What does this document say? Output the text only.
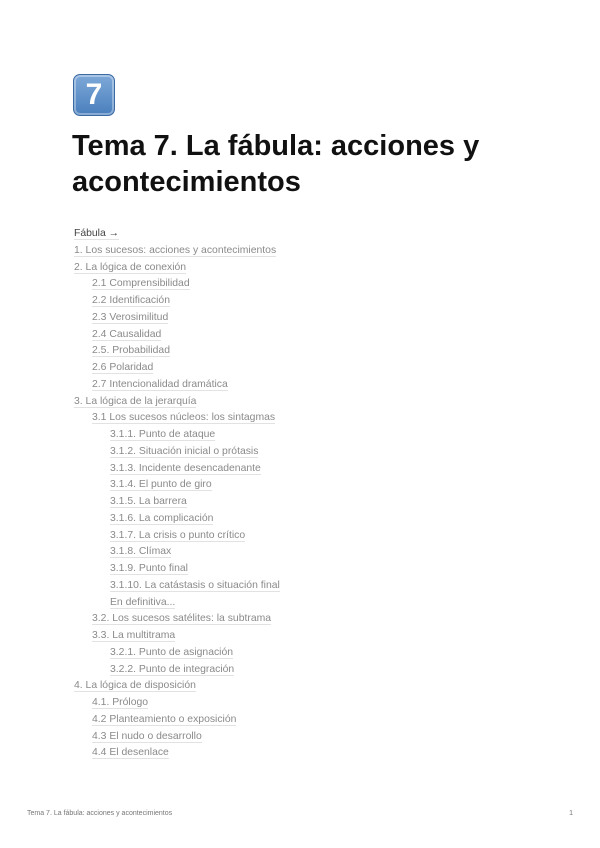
7
Tema 7. La fábula: acciones y acontecimientos
Fábula →
1. Los sucesos: acciones y acontecimientos
2. La lógica de conexión
2.1 Comprensibilidad
2.2 Identificación
2.3 Verosimilitud
2.4 Causalidad
2.5. Probabilidad
2.6 Polaridad
2.7 Intencionalidad dramática
3. La lógica de la jerarquía
3.1 Los sucesos núcleos: los sintagmas
3.1.1. Punto de ataque
3.1.2. Situación inicial o prótasis
3.1.3. Incidente desencadenante
3.1.4. El punto de giro
3.1.5. La barrera
3.1.6. La complicación
3.1.7. La crisis o punto crítico
3.1.8. Clímax
3.1.9. Punto final
3.1.10. La catástasis o situación final
En definitiva...
3.2. Los sucesos satélites: la subtrama
3.3. La multitrama
3.2.1. Punto de asignación
3.2.2. Punto de integración
4. La lógica de disposición
4.1. Prólogo
4.2 Planteamiento o exposición
4.3 El nudo o desarrollo
4.4 El desenlace
Tema 7. La fábula: acciones y acontecimientos	1
